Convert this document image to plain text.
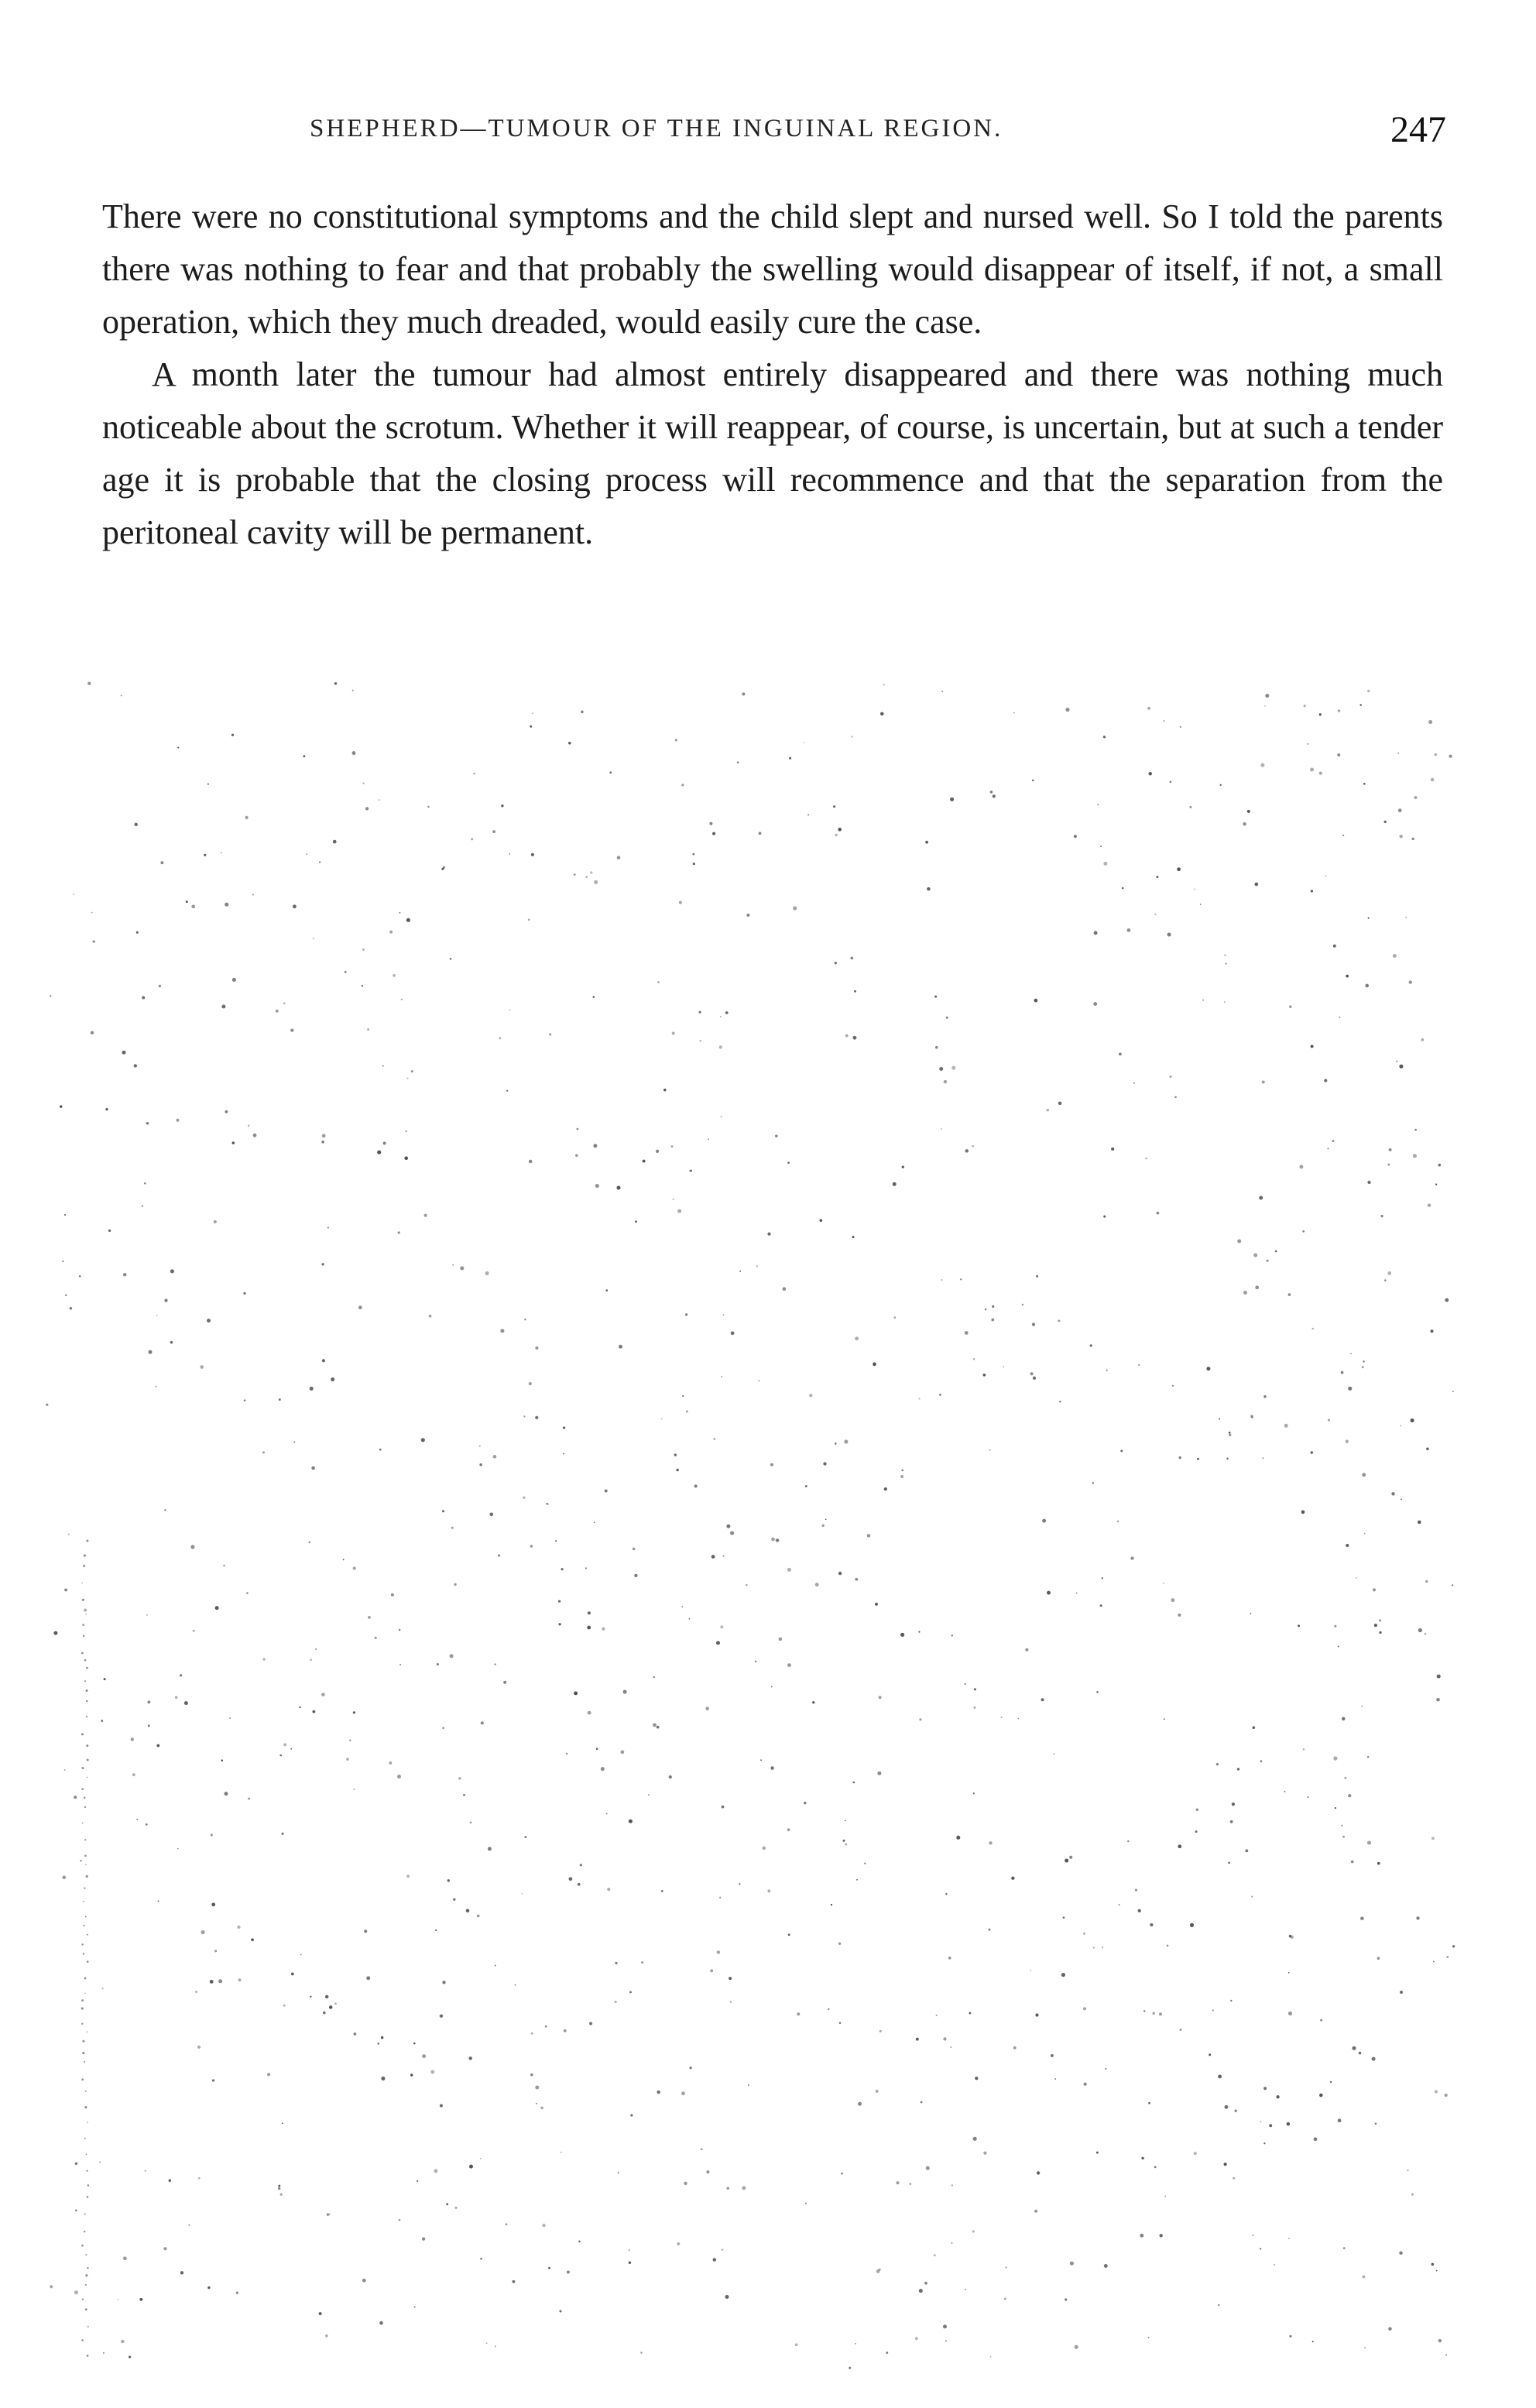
SHEPHERD—TUMOUR OF THE INGUINAL REGION.	247

There were no constitutional symptoms and the child slept and nursed well. So I told the parents there was nothing to fear and that probably the swelling would disappear of itself, if not, a small operation, which they much dreaded, would easily cure the case.

A month later the tumour had almost entirely disappeared and there was nothing much noticeable about the scrotum. Whether it will reappear, of course, is uncertain, but at such a tender age it is probable that the closing process will recommence and that the separation from the peritoneal cavity will be permanent.
